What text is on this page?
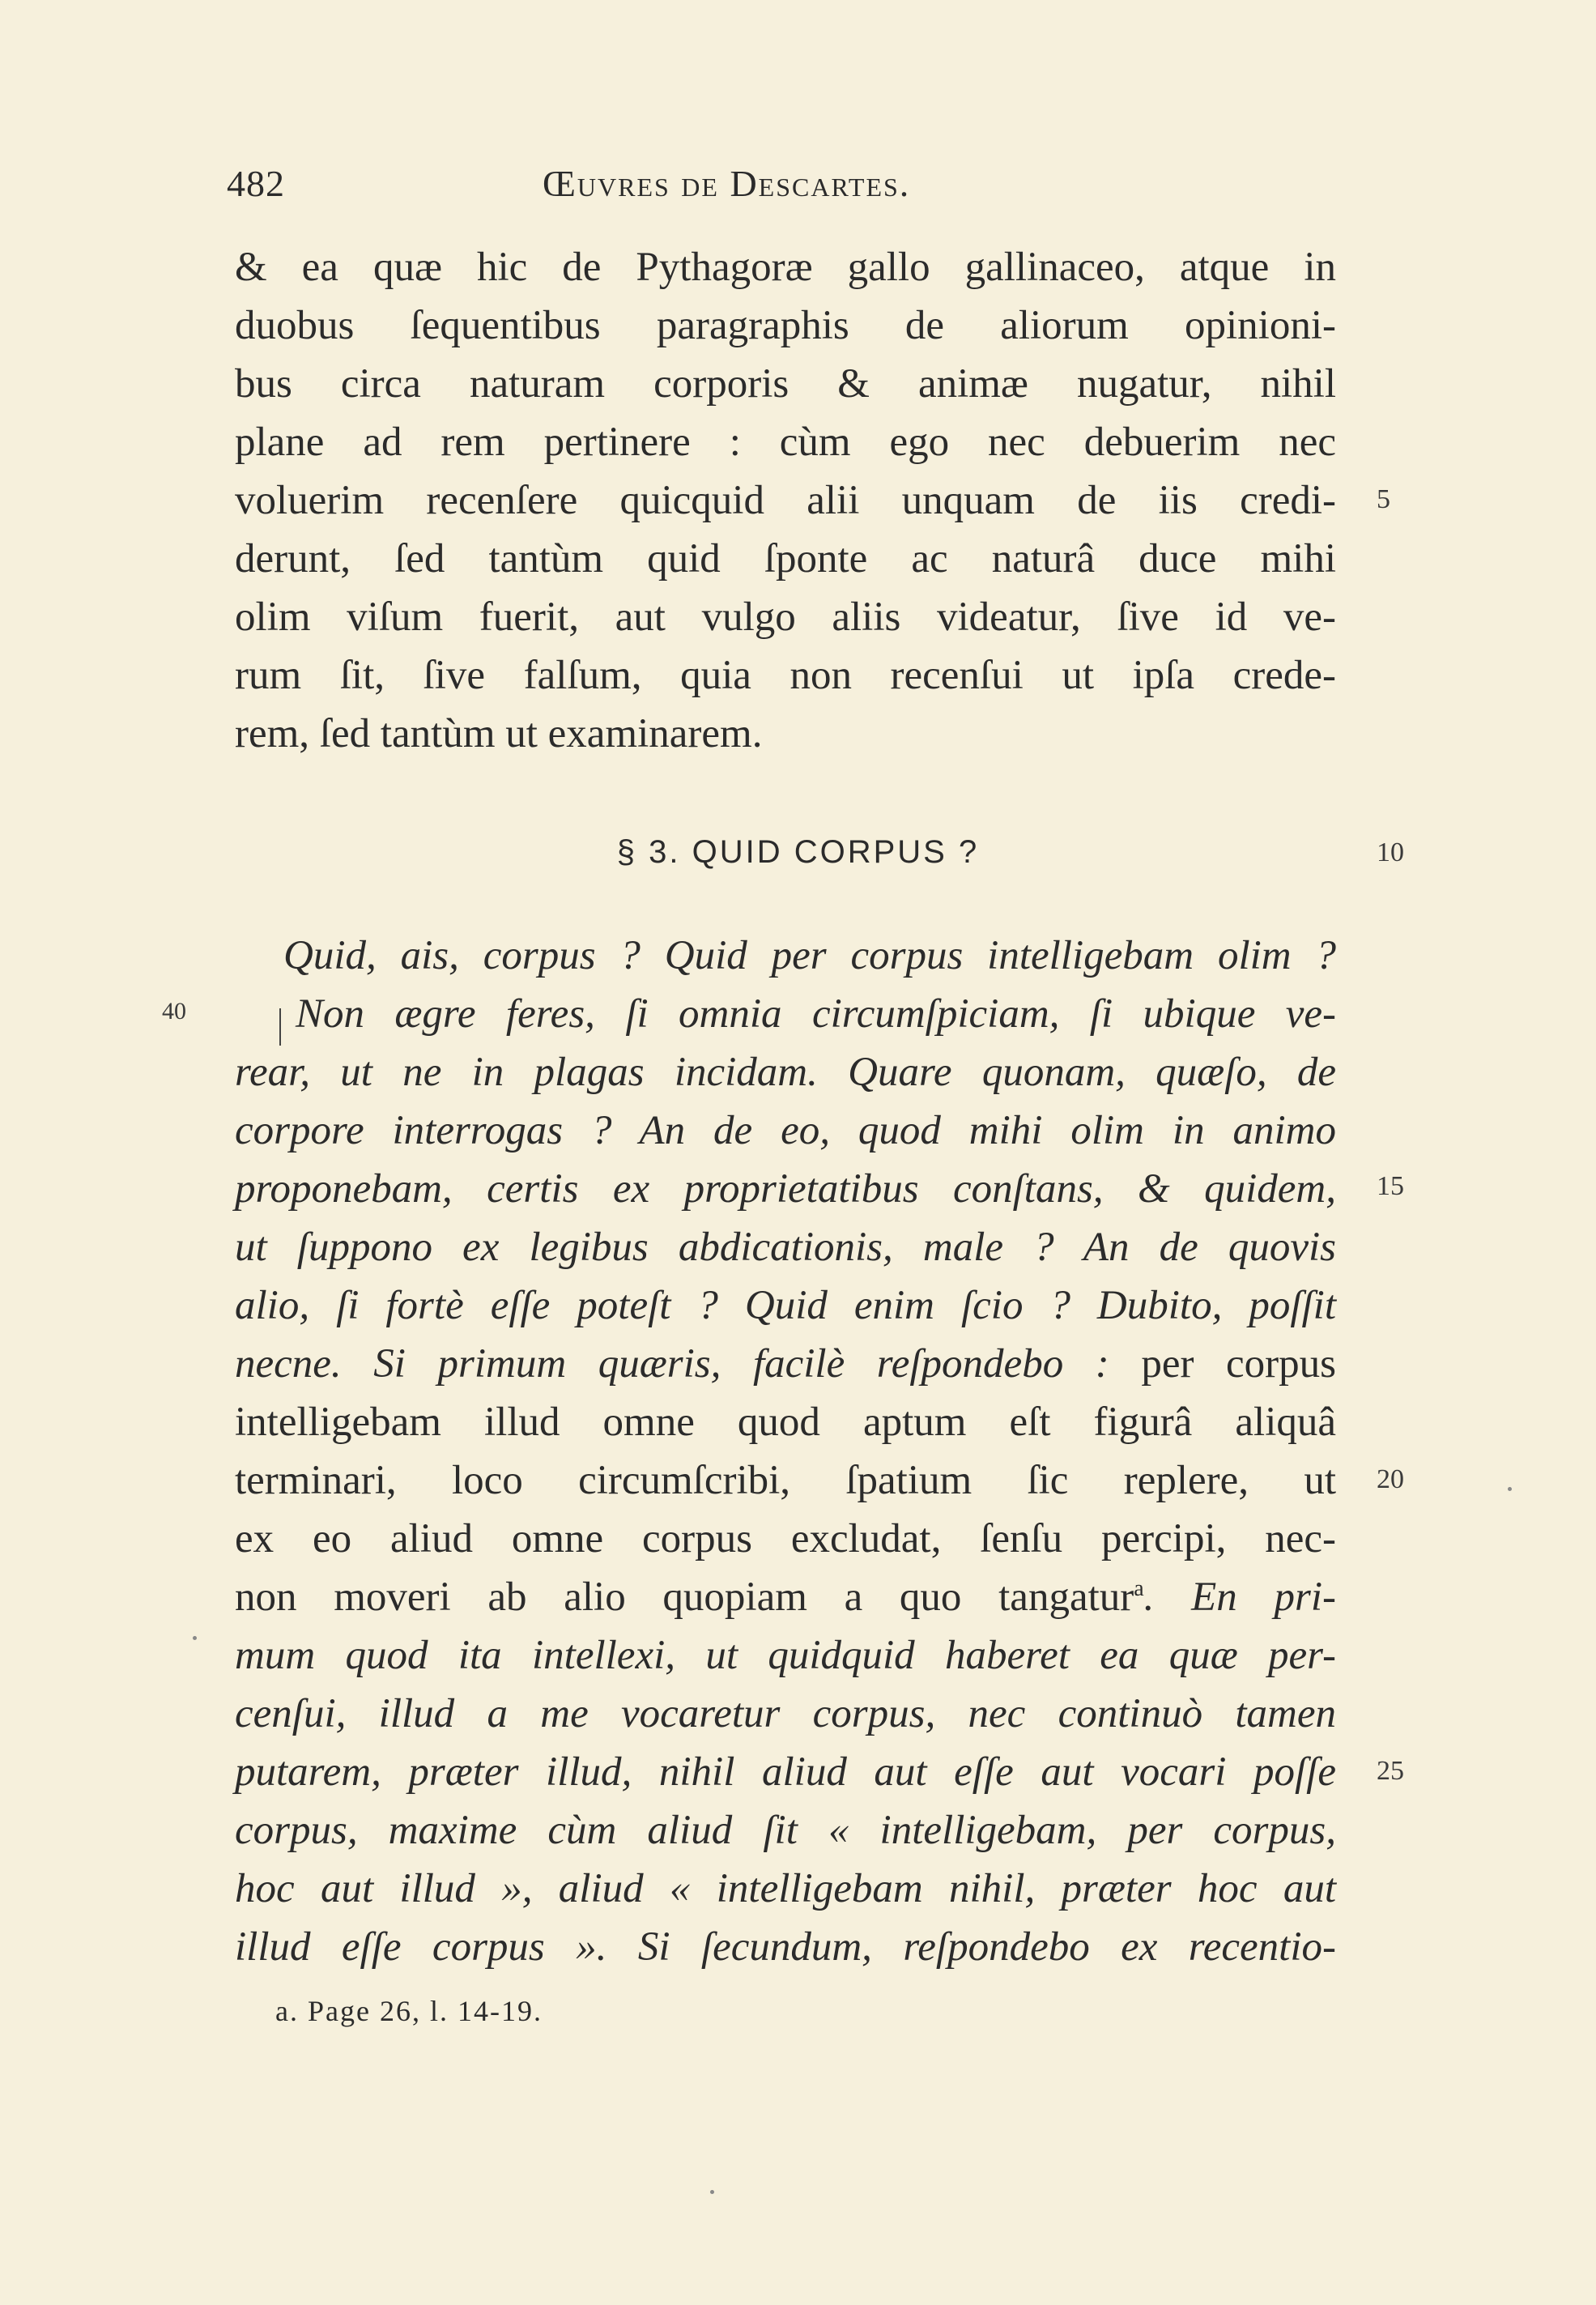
482	Œuvres de Descartes.
& ea quæ hic de Pythagoræ gallo gallinaceo, atque in
duobus ſequentibus paragraphis de aliorum opinioni-
bus circa naturam corporis & animæ nugatur, nihil
plane ad rem pertinere : cùm ego nec debuerim nec
voluerim recenſere quicquid alii unquam de iis credi-
derunt, ſed tantùm quid ſponte ac naturâ duce mihi
olim viſum fuerit, aut vulgo aliis videatur, ſive id ve-
rum ſit, ſive falſum, quia non recenſui ut ipſa crede-
rem, ſed tantùm ut examinarem.
§ 3. QUID CORPUS ?
Quid, ais, corpus ? Quid per corpus intelligebam olim ?
Non ægre feres, ſi omnia circumſpiciam, ſi ubique ve-
rear, ut ne in plagas incidam. Quare quonam, quæſo, de
corpore interrogas ? An de eo, quod mihi olim in animo
proponebam, certis ex proprietatibus conſtans, & quidem,
ut ſuppono ex legibus abdicationis, male ? An de quovis
alio, ſi fortè eſſe poteſt ? Quid enim ſcio ? Dubito, poſſit
necne. Si primum quæris, facilè reſpondebo : per corpus
intelligebam illud omne quod aptum eſt figurâ aliquâ
terminari, loco circumſcribi, ſpatium ſic replere, ut
ex eo aliud omne corpus excludat, ſenſu percipi, nec-
non moveri ab alio quopiam a quo tangatur$^a$. En pri-
mum quod ita intellexi, ut quidquid haberet ea quæ per-
cenſui, illud a me vocaretur corpus, nec continuò tamen
putarem, præter illud, nihil aliud aut eſſe aut vocari poſſe
corpus, maxime cùm aliud ſit « intelligebam, per corpus,
hoc aut illud », aliud « intelligebam nihil, præter hoc aut
illud eſſe corpus ». Si ſecundum, reſpondebo ex recentio-
5
10
15
20
25
40
a. Page 26, l. 14-19.
